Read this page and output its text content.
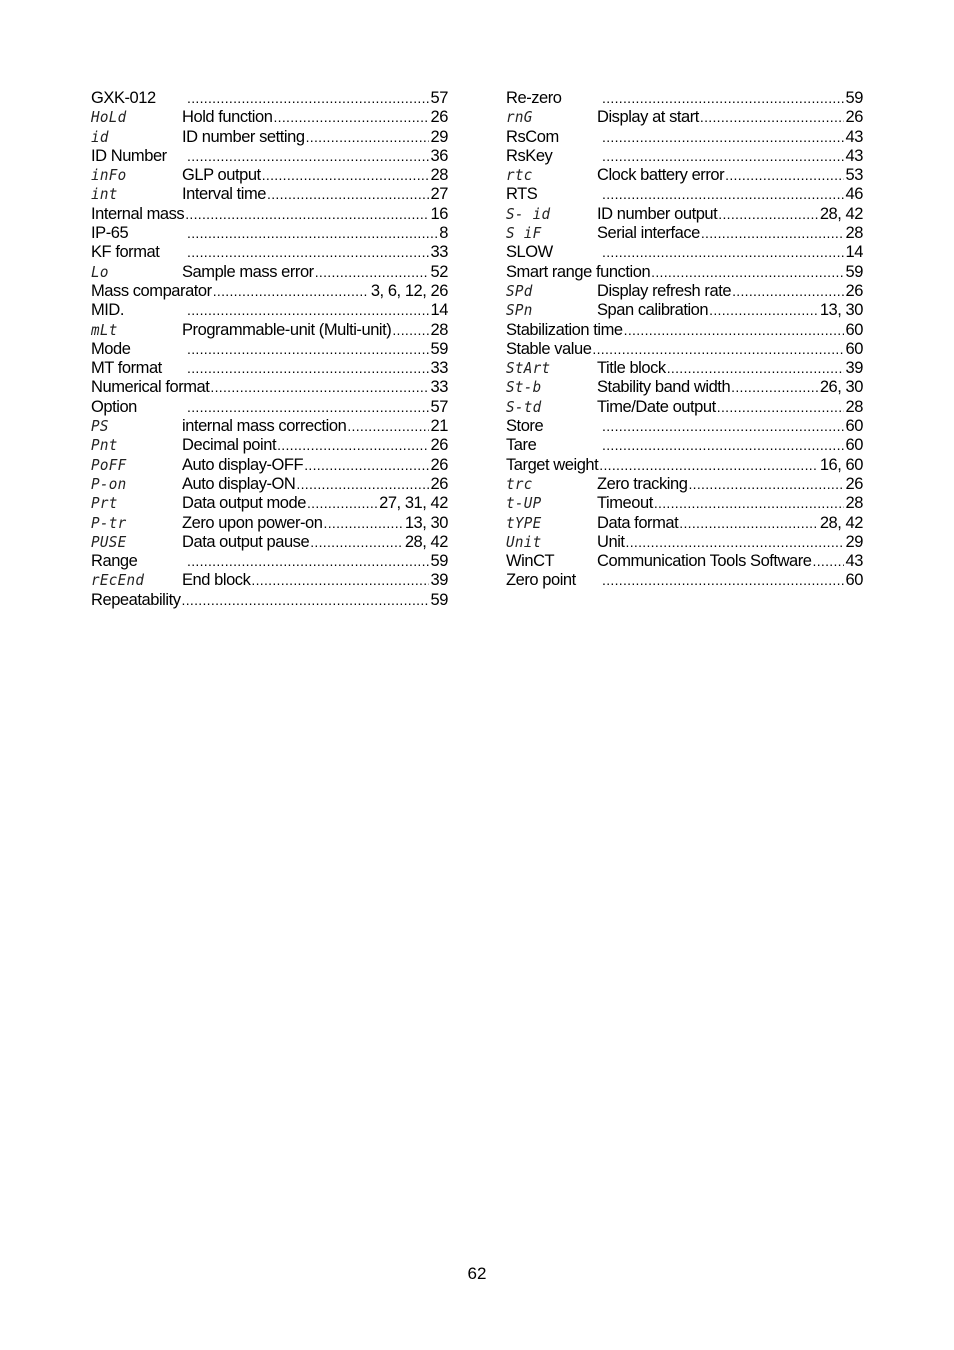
GXK-012 .....	57
HoLd	Hold function .....	26
id	ID number setting .....	29
ID Number .....	36
inFo	GLP output .....	28
int	Interval time .....	27
Internal mass .....	16
IP-65 .....	8
KF format .....	33
Lo	Sample mass error .....	52
Mass comparator .....	3, 6, 12, 26
MID. .....	14
mLt	Programmable-unit (Multi-unit) ..... 28
Mode .....	59
MT format .....	33
Numerical format .....	33
Option .....	57
PS	internal mass correction .....	21
Pnt	Decimal point .....	26
PoFF	Auto display-OFF .....	26
P-on	Auto display-ON .....	26
Prt	Data output mode .....	27, 31, 42
P-tr	Zero upon power-on .....	13, 30
PUSE	Data output pause .....	28, 42
Range .....	59
rEcEnd End block .....	39
Repeatability .....	59
Re-zero .....	59
rnG	Display at start .....	26
RsCom .....	43
RsKey .....	43
rtc	Clock battery error .....	53
RTS .....	46
S- id	ID number output .....	28, 42
S iF	Serial interface .....	28
SLOW .....	14
Smart range function .....	59
SPd	Display refresh rate .....	26
SPn	Span calibration .....	13, 30
Stabilization time .....	60
Stable value .....	60
StArt	Title block .....	39
St-b	Stability band width .....	26, 30
S-td	Time/Date output .....	28
Store .....	60
Tare .....	60
Target weight .....	16, 60
trc	Zero tracking .....	26
t-UP	Timeout .....	28
tYPE	Data format .....	28, 42
Unit	Unit .....	29
WinCT	Communication Tools Software ..... 43
Zero point .....	60
62
